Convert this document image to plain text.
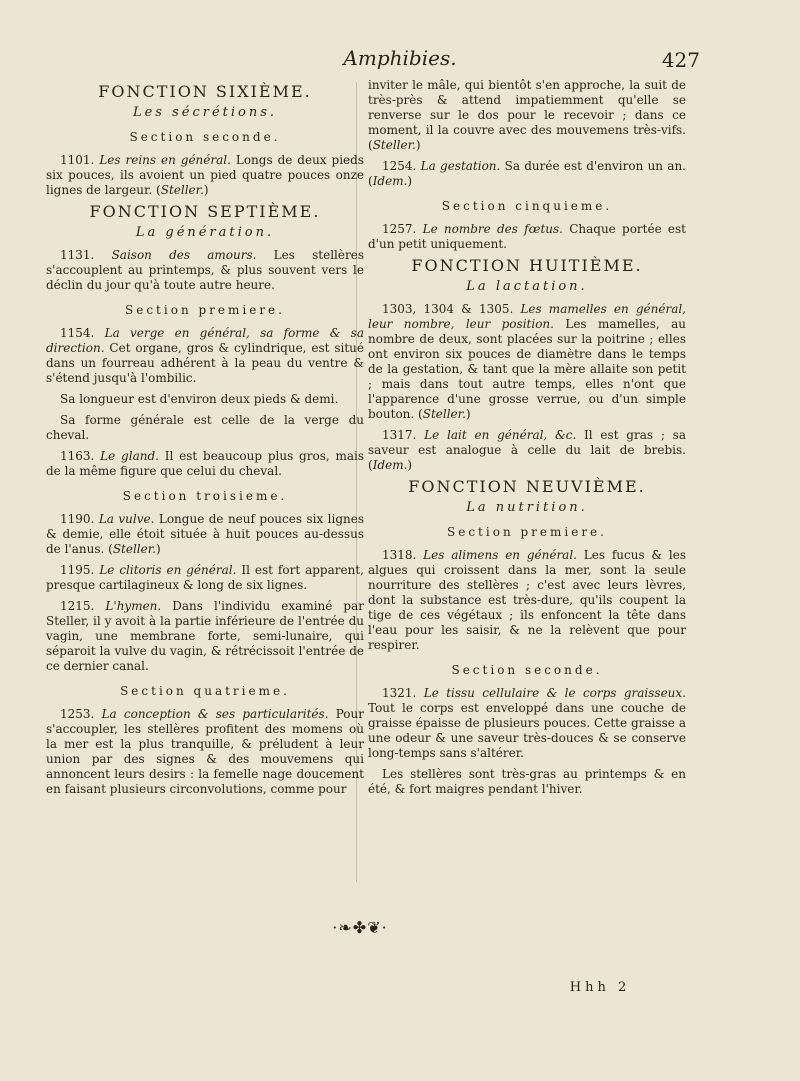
Amphibies.	427
FONCTION SIXIÈME.
Les sécrétions.
Section seconde.

1101. Les reins en général. Longs de deux pieds six pouces, ils avoient un pied quatre pouces onze lignes de largeur. (Steller.)

FONCTION SEPTIÈME.
La génération.

1131. Saison des amours. Les stellères s'accouplent au printemps, & plus souvent vers le déclin du jour qu'à toute autre heure.

Section premiere.

1154. La verge en général, sa forme & sa direction. Cet organe, gros & cylindrique, est situé dans un fourreau adhérent à la peau du ventre & s'étend jusqu'à l'ombilic.

Sa longueur est d'environ deux pieds & demi.

Sa forme générale est celle de la verge du cheval.

1163. Le gland. Il est beaucoup plus gros, mais de la même figure que celui du cheval.

Section troisieme.

1190. La vulve. Longue de neuf pouces six lignes & demie, elle étoit située à huit pouces au-dessus de l'anus. (Steller.)

1195. Le clitoris en général. Il est fort apparent, presque cartilagineux & long de six lignes.

1215. L'hymen. Dans l'individu examiné par Steller, il y avoit à la partie inférieure de l'entrée du vagin, une membrane forte, semi-lunaire, qui séparoit la vulve du vagin, & rétrécissoit l'entrée de ce dernier canal.

Section quatrieme.

1253. La conception & ses particularités. Pour s'accoupler, les stellères profitent des momens où la mer est la plus tranquille, & préludent à leur union par des signes & des mouvemens qui annoncent leurs desirs : la femelle nage doucement en faisant plusieurs circonvolutions, comme pour

inviter le mâle, qui bientôt s'en approche, la suit de très-près & attend impatiemment qu'elle se renverse sur le dos pour le recevoir ; dans ce moment, il la couvre avec des mouvemens très-vifs. (Steller.)

1254. La gestation. Sa durée est d'environ un an. (Idem.)

Section cinquieme.

1257. Le nombre des fœtus. Chaque portée est d'un petit uniquement.

FONCTION HUITIÈME.
La lactation.

1303, 1304 & 1305. Les mamelles en général, leur nombre, leur position. Les mamelles, au nombre de deux, sont placées sur la poitrine ; elles ont environ six pouces de diamètre dans le temps de la gestation, & tant que la mère allaite son petit ; mais dans tout autre temps, elles n'ont que l'apparence d'une grosse verrue, ou d'un simple bouton. (Steller.)

1317. Le lait en général, &c. Il est gras ; sa saveur est analogue à celle du lait de brebis. (Idem.)

FONCTION NEUVIÈME.
La nutrition.
Section premiere.

1318. Les alimens en général. Les fucus & les algues qui croissent dans la mer, sont la seule nourriture des stellères ; c'est avec leurs lèvres, dont la substance est très-dure, qu'ils coupent la tige de ces végétaux ; ils enfoncent la tête dans l'eau pour les saisir, & ne la relèvent que pour respirer.

Section seconde.

1321. Le tissu cellulaire & le corps graisseux. Tout le corps est enveloppé dans une couche de graisse épaisse de plusieurs pouces. Cette graisse a une odeur & une saveur très-douces & se conserve long-temps sans s'altérer.

Les stellères sont très-gras au printemps & en été, & fort maigres pendant l'hiver.

·❧✤❦·
Hhh 2
